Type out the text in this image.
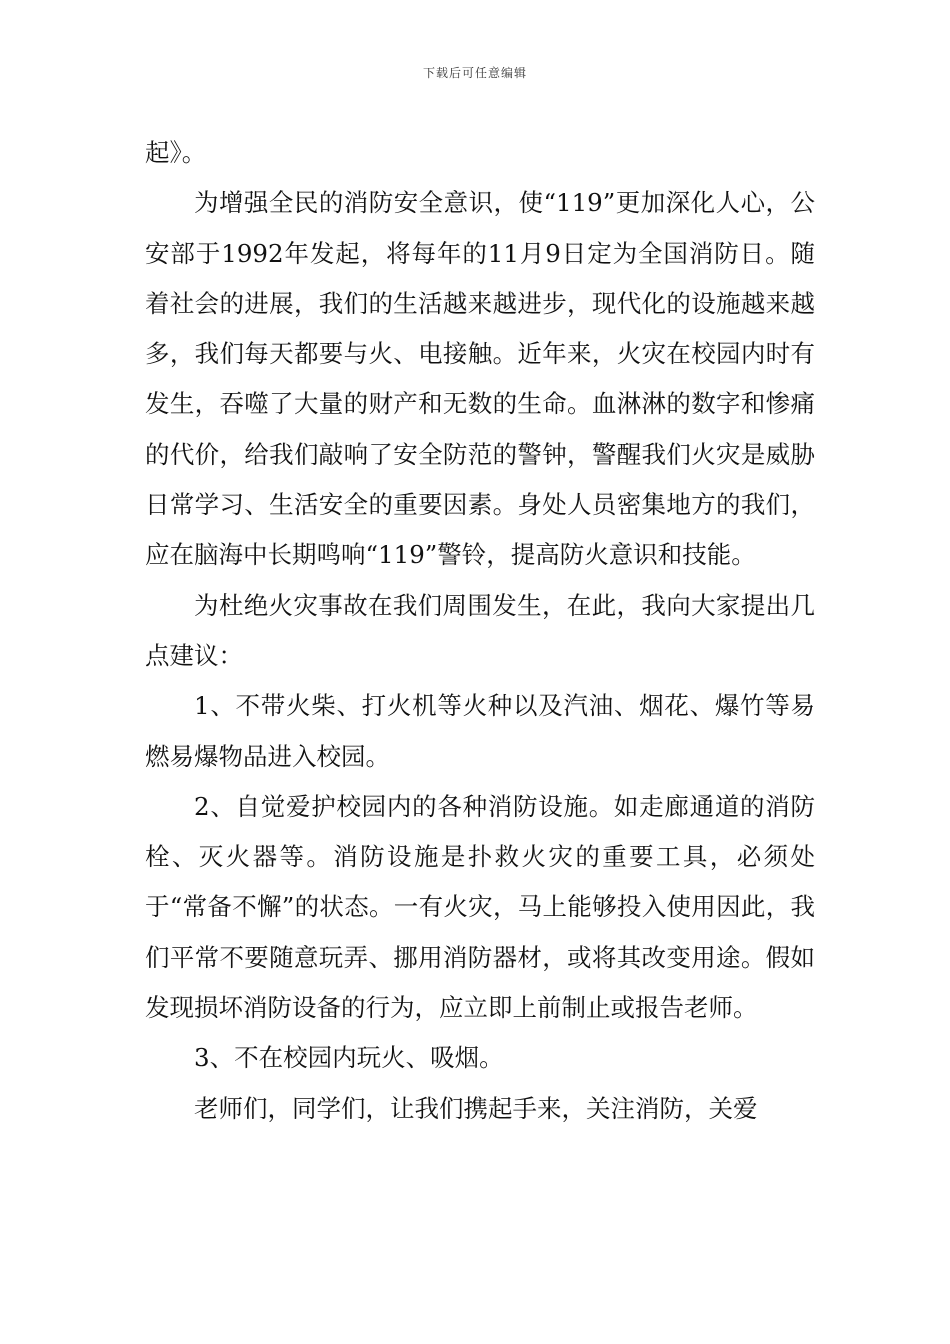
下载后可任意编辑

起》。

为增强全民的消防安全意识，使“119”更加深化人心，公安部于1992年发起，将每年的11月9日定为全国消防日。随着社会的进展，我们的生活越来越进步，现代化的设施越来越多，我们每天都要与火、电接触。近年来，火灾在校园内时有发生，吞噬了大量的财产和无数的生命。血淋淋的数字和惨痛的代价，给我们敲响了安全防范的警钟，警醒我们火灾是威胁日常学习、生活安全的重要因素。身处人员密集地方的我们，应在脑海中长期鸣响“119”警铃，提高防火意识和技能。

为杜绝火灾事故在我们周围发生，在此，我向大家提出几点建议：

1、不带火柴、打火机等火种以及汽油、烟花、爆竹等易燃易爆物品进入校园。

2、自觉爱护校园内的各种消防设施。如走廊通道的消防栓、灭火器等。消防设施是扑救火灾的重要工具，必须处于“常备不懈”的状态。一有火灾，马上能够投入使用因此，我们平常不要随意玩弄、挪用消防器材，或将其改变用途。假如发现损坏消防设备的行为，应立即上前制止或报告老师。

3、不在校园内玩火、吸烟。

老师们，同学们，让我们携起手来，关注消防，关爱
